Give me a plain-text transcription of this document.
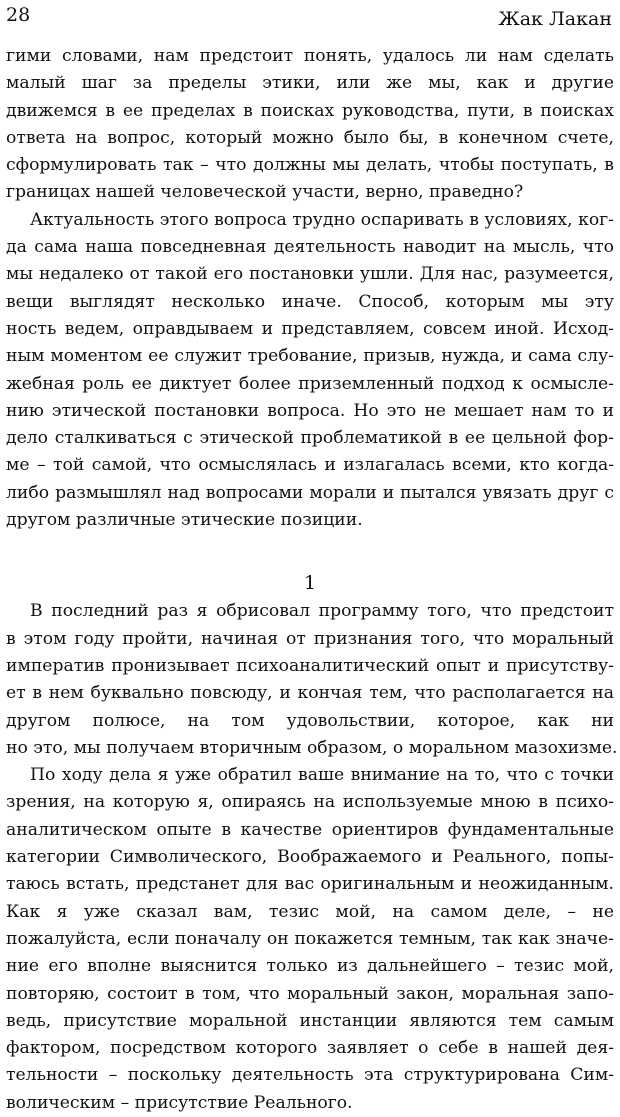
28	Жак Лакан
гими словами, нам предстоит понять, удалось ли нам сделать
малый шаг за пределы этики, или же мы, как и другие
движемся в ее пределах в поисках руководства, пути, в поисках
ответа на вопрос, который можно было бы, в конечном счете,
сформулировать так – что должны мы делать, чтобы поступать, в
границах нашей человеческой участи, верно, праведно?
Актуальность этого вопроса трудно оспаривать в условиях, ког-
да сама наша повседневная деятельность наводит на мысль, что
мы недалеко от такой его постановки ушли. Для нас, разумеется,
вещи выглядят несколько иначе. Способ, которым мы эту
ность ведем, оправдываем и представляем, совсем иной. Исход-
ным моментом ее служит требование, призыв, нужда, и сама слу-
жебная роль ее диктует более приземленный подход к осмысле-
нию этической постановки вопроса. Но это не мешает нам то и
дело сталкиваться с этической проблематикой в ее цельной фор-
ме – той самой, что осмыслялась и излагалась всеми, кто когда-
либо размышлял над вопросами морали и пытался увязать друг с
другом различные этические позиции.
1
В последний раз я обрисовал программу того, что предстоит
в этом году пройти, начиная от признания того, что моральный
императив пронизывает психоаналитический опыт и присутству-
ет в нем буквально повсюду, и кончая тем, что располагается на
другом полюсе, на том удовольствии, которое, как ни
но это, мы получаем вторичным образом, о моральном мазохизме.
По ходу дела я уже обратил ваше внимание на то, что с точки
зрения, на которую я, опираясь на используемые мною в психо-
аналитическом опыте в качестве ориентиров фундаментальные
категории Символического, Воображаемого и Реального, попы-
таюсь встать, предстанет для вас оригинальным и неожиданным.
Как я уже сказал вам, тезис мой, на самом деле, – не
пожалуйста, если поначалу он покажется темным, так как значе-
ние его вполне выяснится только из дальнейшего – тезис мой,
повторяю, состоит в том, что моральный закон, моральная запо-
ведь, присутствие моральной инстанции являются тем самым
фактором, посредством которого заявляет о себе в нашей дея-
тельности – поскольку деятельность эта структурирована Сим-
волическим – присутствие Реального.
